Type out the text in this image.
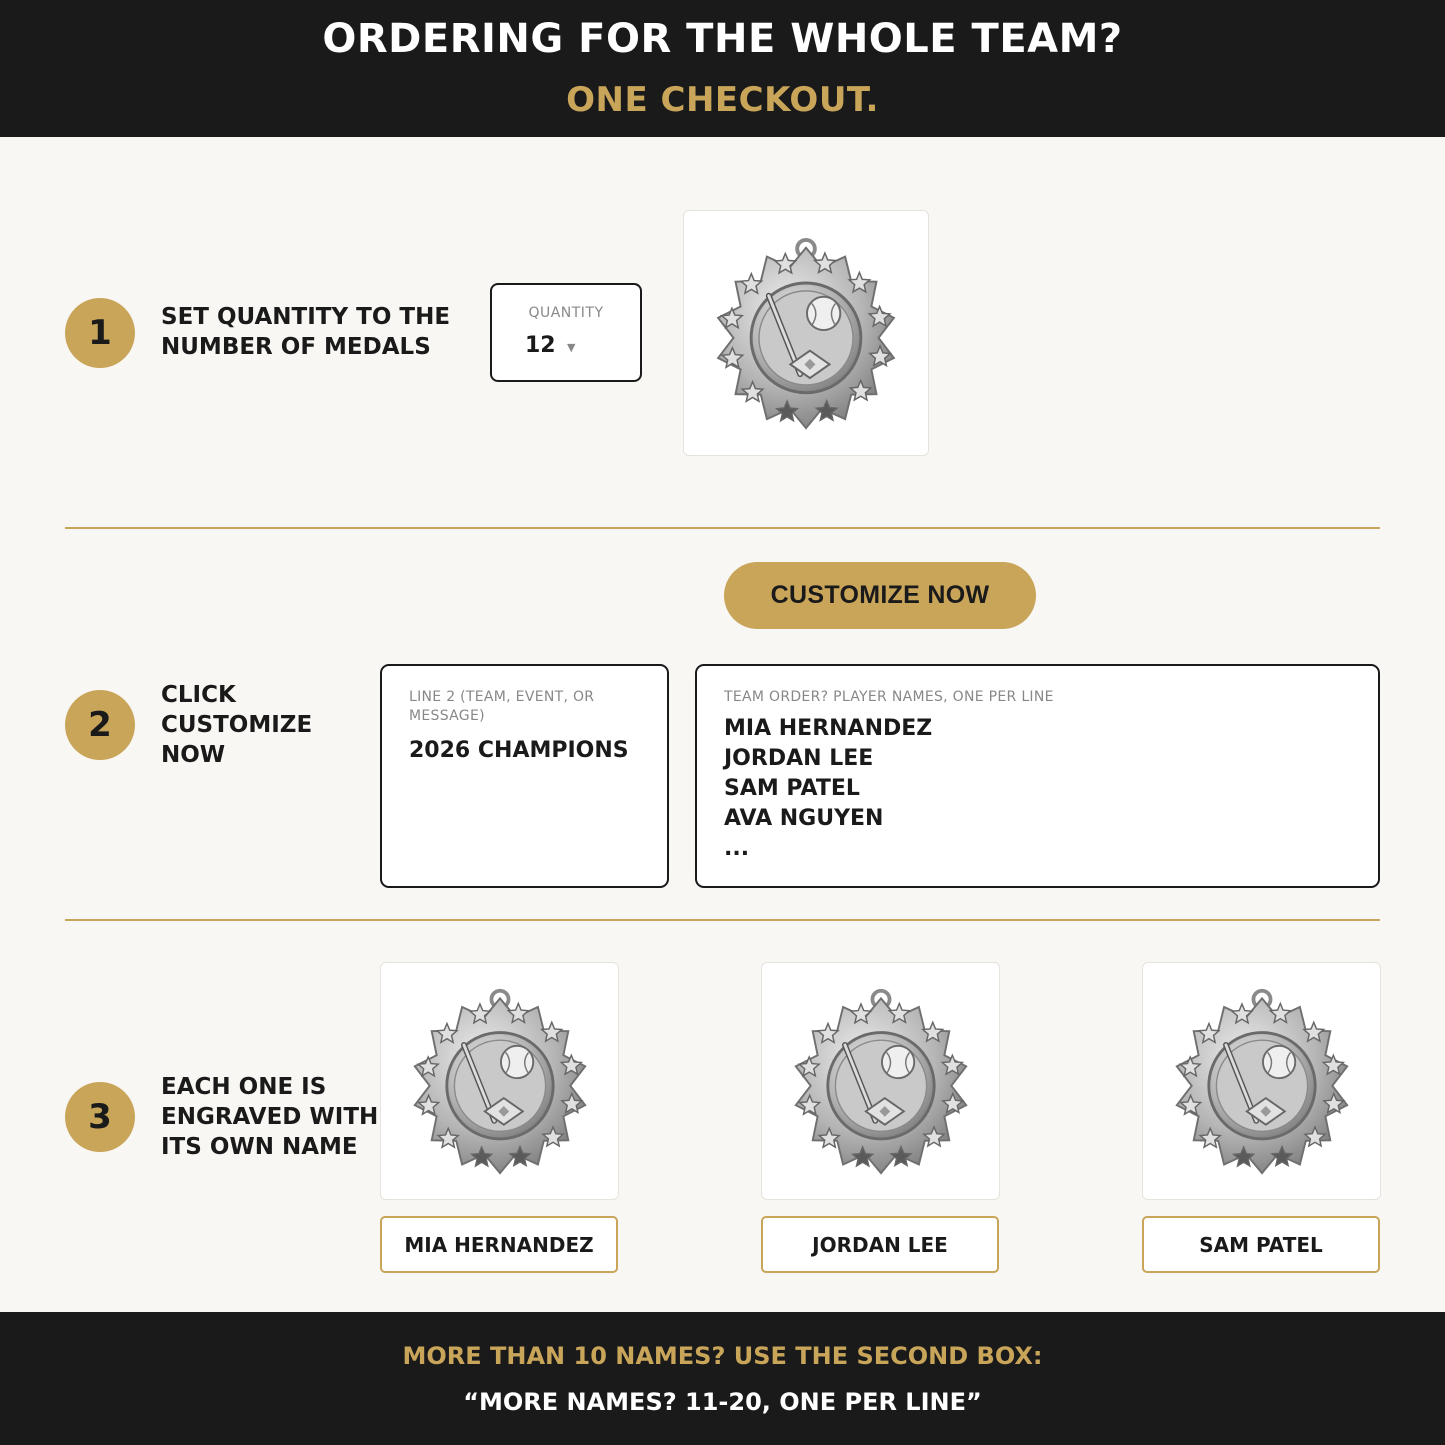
ORDERING FOR THE WHOLE TEAM?
ONE CHECKOUT.
1	SET QUANTITY TO THE
NUMBER OF MEDALS
QUANTITY
12 ▼
CUSTOMIZE NOW
2
CLICK
CUSTOMIZE
NOW
LINE 2 (TEAM, EVENT, OR MESSAGE)
2026 CHAMPIONS
TEAM ORDER? PLAYER NAMES, ONE PER LINE
MIA HERNANDEZ
JORDAN LEE
SAM PATEL
AVA NGUYEN
...
3
EACH ONE IS
ENGRAVED WITH
ITS OWN NAME
MIA HERNANDEZ	JORDAN LEE	SAM PATEL
MORE THAN 10 NAMES? USE THE SECOND BOX:
“MORE NAMES? 11-20, ONE PER LINE”
